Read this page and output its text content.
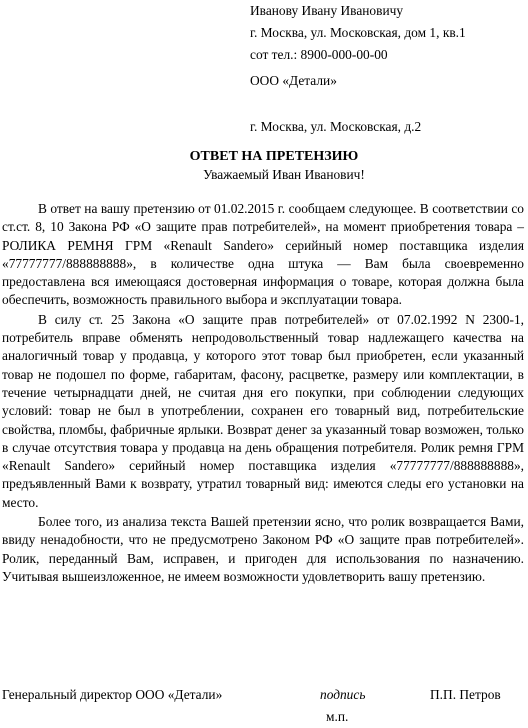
Иванову Ивану Ивановичу
г. Москва, ул. Московская, дом 1, кв.1
сот тел.: 8900-000-00-00
ООО «Детали»
г. Москва, ул. Московская, д.2
ОТВЕТ НА ПРЕТЕНЗИЮ

Уважаемый Иван Иванович!

В ответ на вашу претензию от 01.02.2015 г. сообщаем следующее. В соответствии со ст.ст. 8, 10 Закона РФ «О защите прав потребителей», на момент приобретения товара – РОЛИКА РЕМНЯ ГРМ «Renault Sandero» серийный номер поставщика изделия «77777777/888888888», в количестве одна штука — Вам была своевременно предоставлена вся имеющаяся достоверная информация о товаре, которая должна была обеспечить, возможность правильного выбора и эксплуатации товара.

В силу ст. 25 Закона «О защите прав потребителей» от 07.02.1992 N 2300-1, потребитель вправе обменять непродовольственный товар надлежащего качества на аналогичный товар у продавца, у которого этот товар был приобретен, если указанный товар не подошел по форме, габаритам, фасону, расцветке, размеру или комплектации, в течение четырнадцати дней, не считая дня его покупки, при соблюдении следующих условий: товар не был в употреблении, сохранен его товарный вид, потребительские свойства, пломбы, фабричные ярлыки. Возврат денег за указанный товар возможен, только в случае отсутствия товара у продавца на день обращения потребителя. Ролик ремня ГРМ «Renault Sandero» серийный номер поставщика изделия «77777777/888888888», предъявленный Вами к возврату, утратил товарный вид: имеются следы его установки на место.

Более того, из анализа текста Вашей претензии ясно, что ролик возвращается Вами, ввиду ненадобности, что не предусмотрено Законом РФ «О защите прав потребителей». Ролик, переданный Вам, исправен, и пригоден для использования по назначению. Учитывая вышеизложенное, не имеем возможности удовлетворить вашу претензию.

Генеральный директор ООО «Детали»	подпись	П.П. Петров
м.п.
